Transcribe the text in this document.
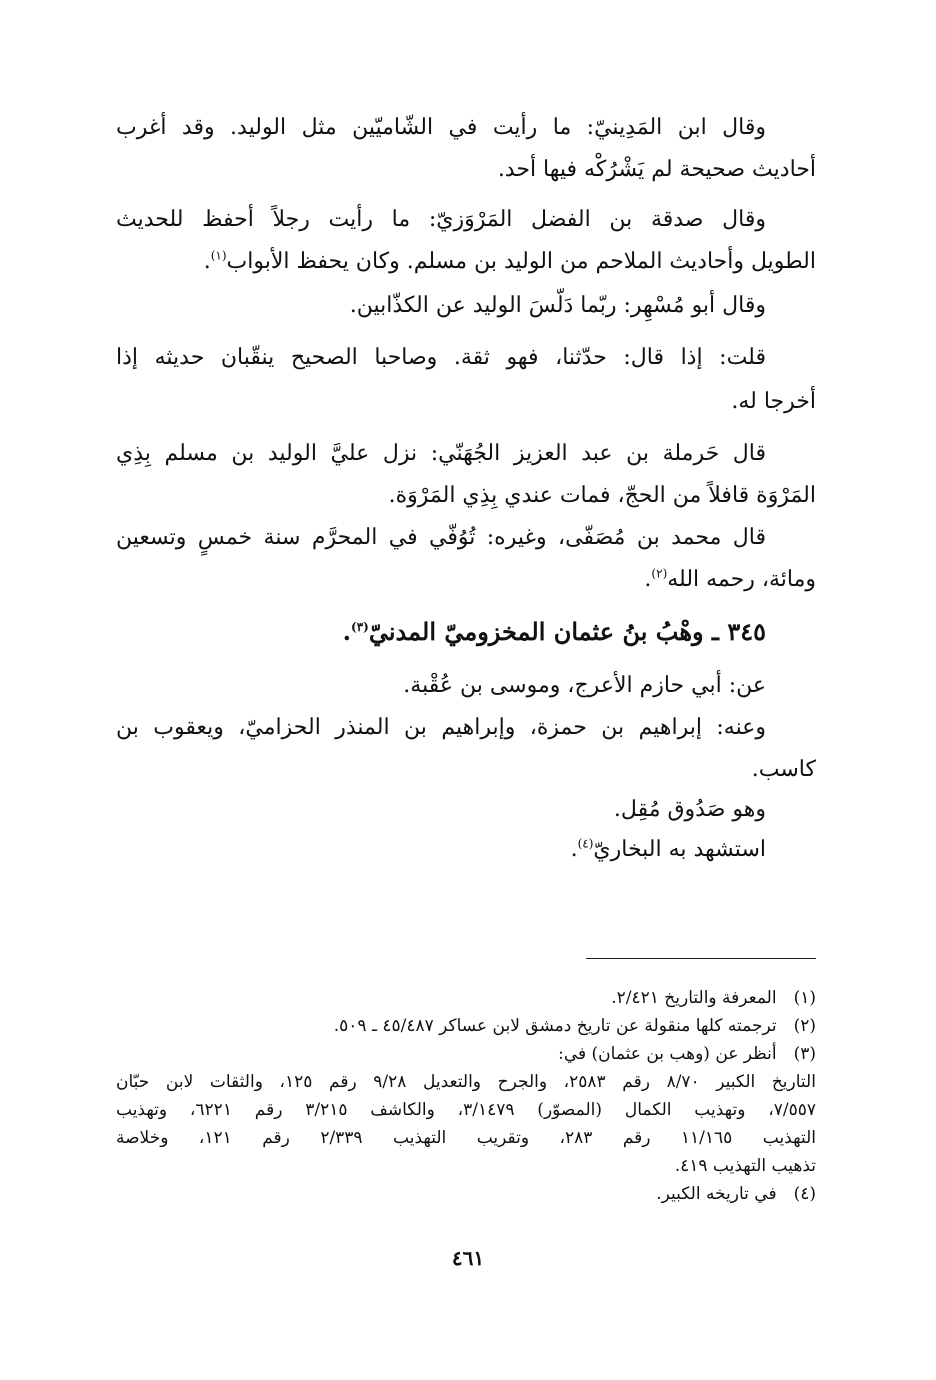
وقال ابن المَدِينيّ: ما رأيت في الشّاميّين مثل الوليد. وقد أغرب
أحاديث صحيحة لم يَشْرُكْه فيها أحد.
وقال صدقة بن الفضل المَرْوَزيّ: ما رأيت رجلاً أحفظ للحديث
الطويل وأحاديث الملاحم من الوليد بن مسلم. وكان يحفظ الأبواب$^{(١)}$.
وقال أبو مُسْهِر: ربّما دَلّسَ الوليد عن الكذّابين.
قلت: إذا قال: حدّثنا، فهو ثقة. وصاحبا الصحيح ينقّبان حديثه إذا
أخرجا له.
قال حَرملة بن عبد العزيز الجُهَنّي: نزل عليَّ الوليد بن مسلم بِذِي
المَرْوَة قافلاً من الحجّ، فمات عندي بِذِي المَرْوَة.
قال محمد بن مُصَفّى، وغيره: تُوُفّي في المحرَّم سنة خمسٍ وتسعين
ومائة، رحمه الله$^{(٢)}$.
٣٤٥ ـ وهْبُ بنُ عثمان المخزوميّ المدنيّ$^{(٣)}$.
عن: أبي حازم الأعرج، وموسى بن عُقْبة.
وعنه: إبراهيم بن حمزة، وإبراهيم بن المنذر الحزاميّ، ويعقوب بن
كاسب.
وهو صَدُوق مُقِل.
استشهد به البخاريّ$^{(٤)}$.
(١) المعرفة والتاريخ ٢/٤٢١.
(٢) ترجمته كلها منقولة عن تاريخ دمشق لابن عساكر ٤٥/٤٨٧ ـ ٥٠٩.
(٣) أنظر عن (وهب بن عثمان) في:
التاريخ الكبير ٨/٧٠ رقم ٢٥٨٣، والجرح والتعديل ٩/٢٨ رقم ١٢٥، والثقات لابن حبّان
٧/٥٥٧، وتهذيب الكمال (المصوّر) ٣/١٤٧٩، والكاشف ٣/٢١٥ رقم ٦٢٢١، وتهذيب
التهذيب ١١/١٦٥ رقم ٢٨٣، وتقريب التهذيب ٢/٣٣٩ رقم ١٢١، وخلاصة
تذهيب التهذيب ٤١٩.
(٤) في تاريخه الكبير.
٤٦١
